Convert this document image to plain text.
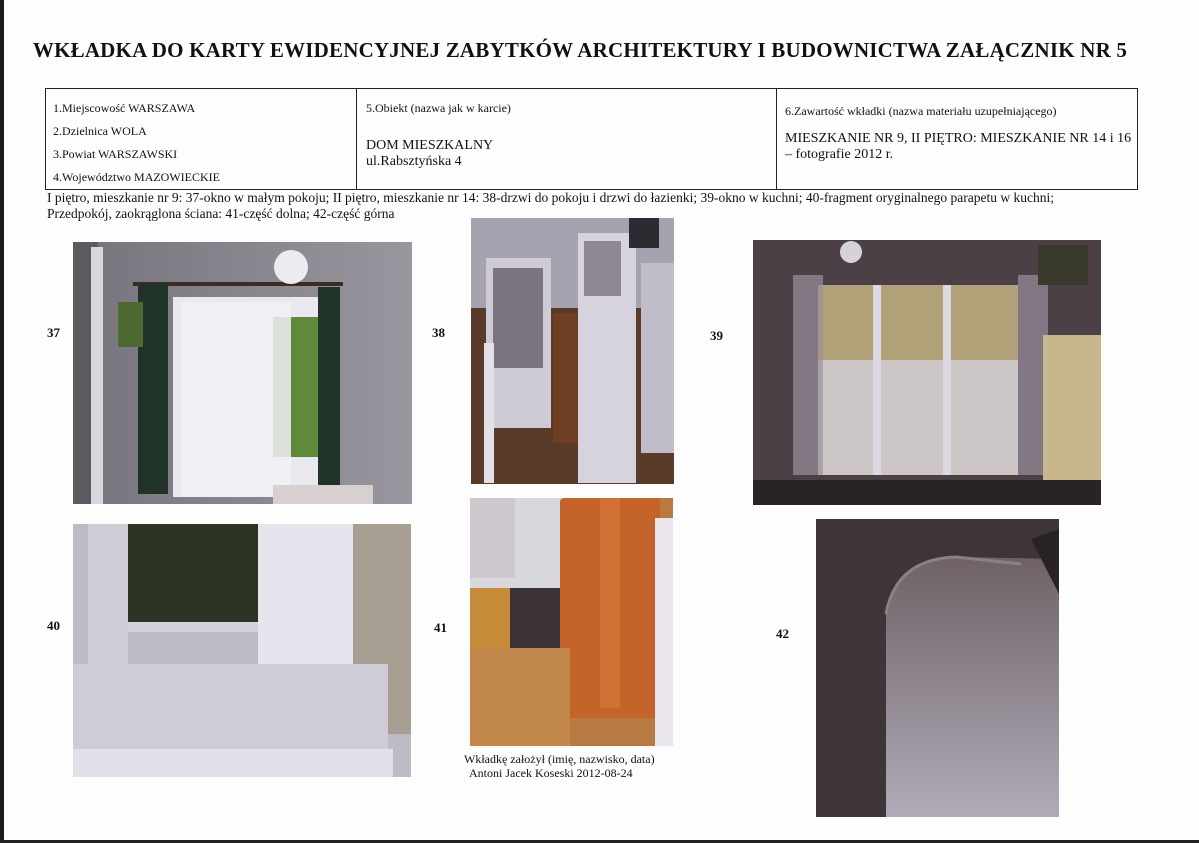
WKŁADKA DO KARTY EWIDENCYJNEJ ZABYTKÓW ARCHITEKTURY I BUDOWNICTWA ZAŁĄCZNIK NR 5
1.Miejscowość WARSZAWA
2.Dzielnica WOLA
3.Powiat WARSZAWSKI
4.Województwo MAZOWIECKIE
5.Obiekt (nazwa jak w karcie)
DOM MIESZKALNY
ul.Rabsztyńska 4
6.Zawartość wkładki (nazwa materiału uzupełniającego)
MIESZKANIE NR 9, II PIĘTRO: MIESZKANIE NR 14 i 16
– fotografie 2012 r.
I piętro, mieszkanie nr 9: 37-okno w małym pokoju; II piętro, mieszkanie nr 14: 38-drzwi do pokoju i drzwi do łazienki; 39-okno w kuchni; 40-fragment oryginalnego parapetu w kuchni;
Przedpokój, zaokrąglona ściana: 41-część dolna; 42-część górna
37	38	39
40	41	42
Wkładkę założył (imię, nazwisko, data)
Antoni Jacek Koseski 2012-08-24
